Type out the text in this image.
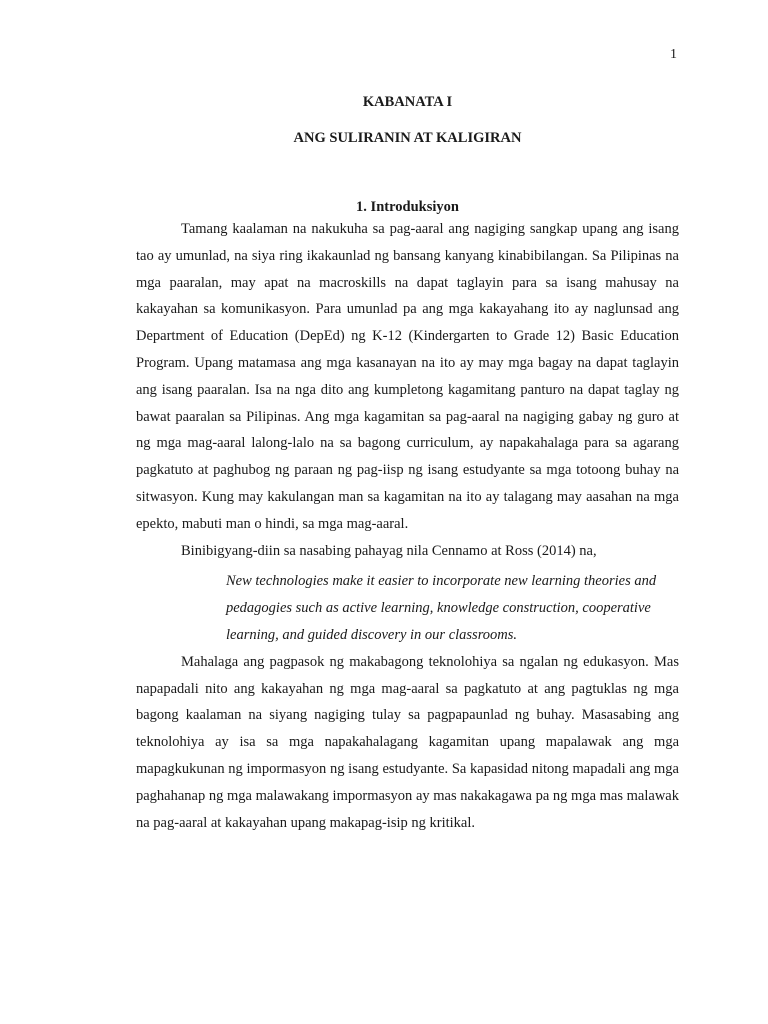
1
KABANATA I
ANG SULIRANIN AT KALIGIRAN
1. Introduksiyon

Tamang kaalaman na nakukuha sa pag-aaral ang nagiging sangkap upang ang isang tao ay umunlad, na siya ring ikakaunlad ng bansang kanyang kinabibilangan. Sa Pilipinas na mga paaralan, may apat na macroskills na dapat taglayin para sa isang mahusay na kakayahan sa komunikasyon. Para umunlad pa ang mga kakayahang ito ay naglunsad ang Department of Education (DepEd) ng K-12 (Kindergarten to Grade 12) Basic Education Program. Upang matamasa ang mga kasanayan na ito ay may mga bagay na dapat taglayin ang isang paaralan. Isa na nga dito ang kumpletong kagamitang panturo na dapat taglay ng bawat paaralan sa Pilipinas. Ang mga kagamitan sa pag-aaral na nagiging gabay ng guro at ng mga mag-aaral lalong-lalo na sa bagong curriculum, ay napakahalaga para sa agarang pagkatuto at paghubog ng paraan ng pag-iisp ng isang estudyante sa mga totoong buhay na sitwasyon. Kung may kakulangan man sa kagamitan na ito ay talagang may aasahan na mga epekto, mabuti man o hindi, sa mga mag-aaral.

Binibigyang-diin sa nasabing pahayag nila Cennamo at Ross (2014) na,

New technologies make it easier to incorporate new learning theories and pedagogies such as active learning, knowledge construction, cooperative learning, and guided discovery in our classrooms.

Mahalaga ang pagpasok ng makabagong teknolohiya sa ngalan ng edukasyon. Mas napapadali nito ang kakayahan ng mga mag-aaral sa pagkatuto at ang pagtuklas ng mga bagong kaalaman na siyang nagiging tulay sa pagpapaunlad ng buhay. Masasabing ang teknolohiya ay isa sa mga napakahalagang kagamitan upang mapalawak ang mga mapagkukunan ng impormasyon ng isang estudyante. Sa kapasidad nitong mapadali ang mga paghahanap ng mga malawakang impormasyon ay mas nakakagawa pa ng mga mas malawak na pag-aaral at kakayahan upang makapag-isip ng kritikal.
